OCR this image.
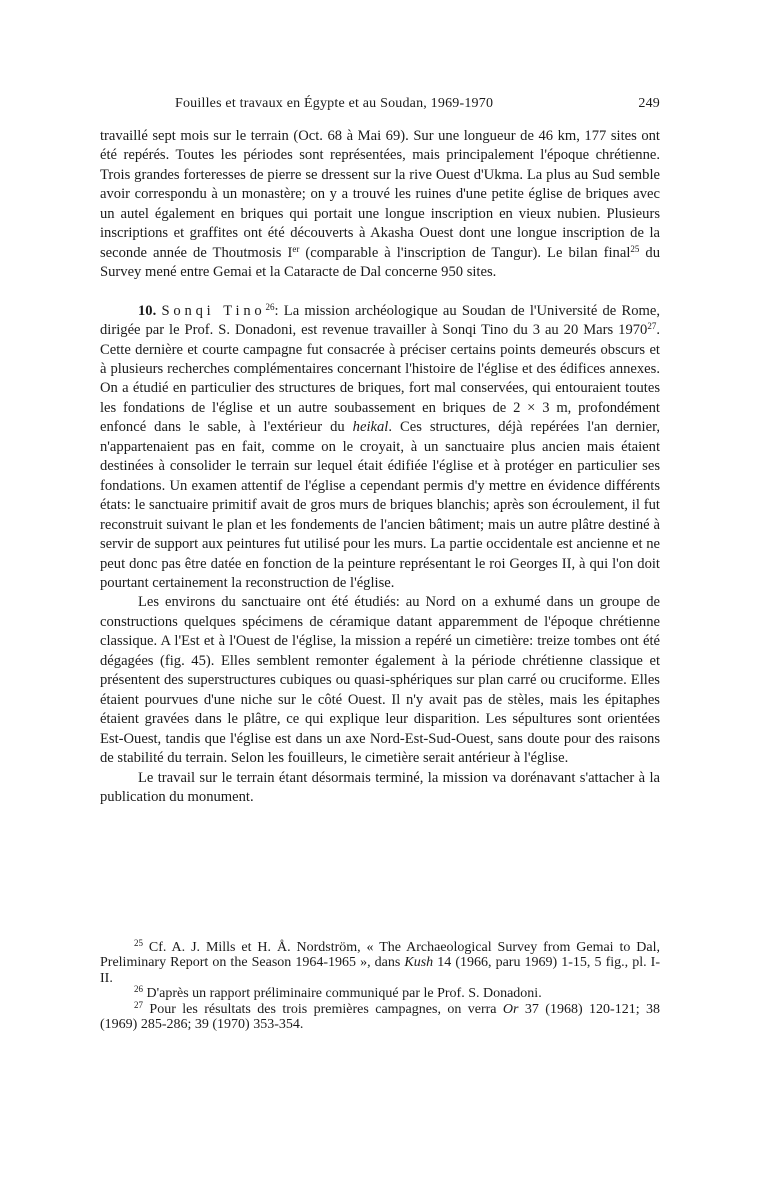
Fouilles et travaux en Égypte et au Soudan, 1969-1970	249

travaillé sept mois sur le terrain (Oct. 68 à Mai 69). Sur une longueur de 46 km, 177 sites ont été repérés. Toutes les périodes sont représentées, mais principalement l'époque chrétienne. Trois grandes forteresses de pierre se dressent sur la rive Ouest d'Ukma. La plus au Sud semble avoir correspondu à un monastère; on y a trouvé les ruines d'une petite église de briques avec un autel également en briques qui portait une longue inscription en vieux nubien. Plusieurs inscriptions et graffites ont été découverts à Akasha Ouest dont une longue inscription de la seconde année de Thoutmosis Ier (comparable à l'inscription de Tangur). Le bilan final$^{25}$ du Survey mené entre Gemai et la Cataracte de Dal concerne 950 sites.

10. Sonqi Tino$^{26}$: La mission archéologique au Soudan de l'Université de Rome, dirigée par le Prof. S. Donadoni, est revenue travailler à Sonqi Tino du 3 au 20 Mars 1970$^{27}$. Cette dernière et courte campagne fut consacrée à préciser certains points demeurés obscurs et à plusieurs recherches complémentaires concernant l'histoire de l'église et des édifices annexes. On a étudié en particulier des structures de briques, fort mal conservées, qui entouraient toutes les fondations de l'église et un autre soubassement en briques de 2 × 3 m, profondément enfoncé dans le sable, à l'extérieur du heikal. Ces structures, déjà repérées l'an dernier, n'appartenaient pas en fait, comme on le croyait, à un sanctuaire plus ancien mais étaient destinées à consolider le terrain sur lequel était édifiée l'église et à protéger en particulier ses fondations. Un examen attentif de l'église a cependant permis d'y mettre en évidence différents états: le sanctuaire primitif avait de gros murs de briques blanchis; après son écroulement, il fut reconstruit suivant le plan et les fondements de l'ancien bâtiment; mais un autre plâtre destiné à servir de support aux peintures fut utilisé pour les murs. La partie occidentale est ancienne et ne peut donc pas être datée en fonction de la peinture représentant le roi Georges II, à qui l'on doit pourtant certainement la reconstruction de l'église.

Les environs du sanctuaire ont été étudiés: au Nord on a exhumé dans un groupe de constructions quelques spécimens de céramique datant apparemment de l'époque chrétienne classique. A l'Est et à l'Ouest de l'église, la mission a repéré un cimetière: treize tombes ont été dégagées (fig. 45). Elles semblent remonter également à la période chrétienne classique et présentent des superstructures cubiques ou quasi-sphériques sur plan carré ou cruciforme. Elles étaient pourvues d'une niche sur le côté Ouest. Il n'y avait pas de stèles, mais les épitaphes étaient gravées dans le plâtre, ce qui explique leur disparition. Les sépultures sont orientées Est-Ouest, tandis que l'église est dans un axe Nord-Est-Sud-Ouest, sans doute pour des raisons de stabilité du terrain. Selon les fouilleurs, le cimetière serait antérieur à l'église.

Le travail sur le terrain étant désormais terminé, la mission va dorénavant s'attacher à la publication du monument.

$^{25}$ Cf. A. J. Mills et H. Å. Nordström, « The Archaeological Survey from Gemai to Dal, Preliminary Report on the Season 1964-1965 », dans Kush 14 (1966, paru 1969) 1-15, 5 fig., pl. I-II.

$^{26}$ D'après un rapport préliminaire communiqué par le Prof. S. Donadoni.

$^{27}$ Pour les résultats des trois premières campagnes, on verra Or 37 (1968) 120-121; 38 (1969) 285-286; 39 (1970) 353-354.
